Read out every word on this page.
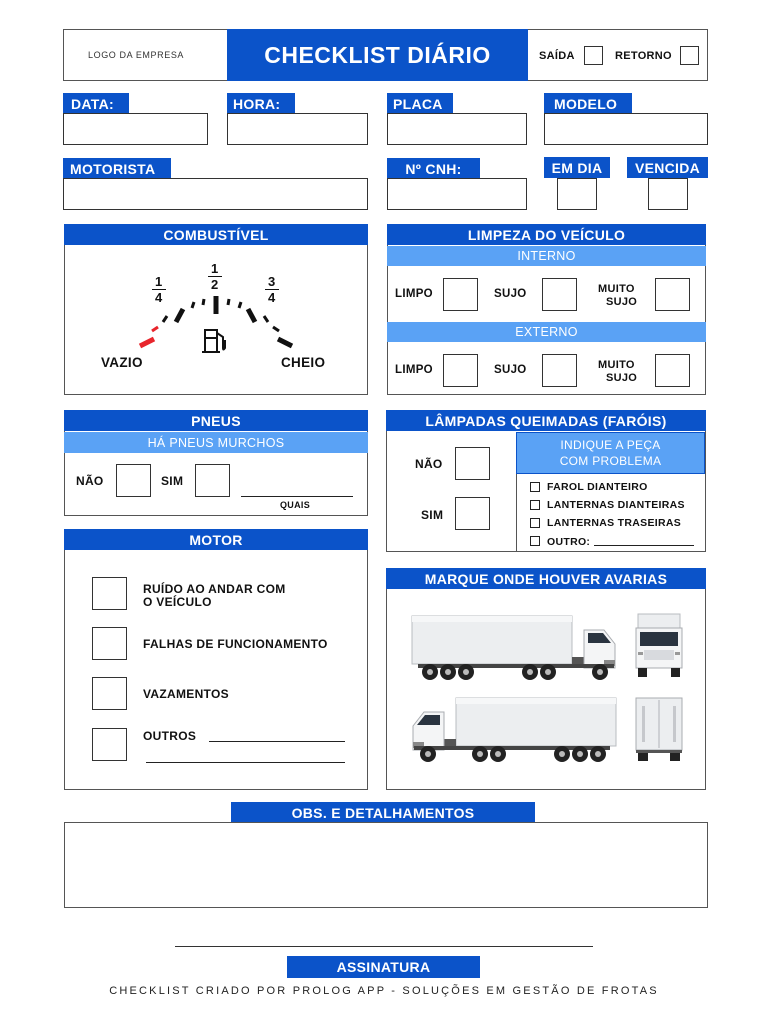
LOGO DA EMPRESA	CHECKLIST DIÁRIO	SAÍDA	RETORNO
DATA:	HORA:	PLACA	MODELO
MOTORISTA	Nº CNH:	EM DIA	VENCIDA
COMBUSTÍVEL
1
4
1
2	3
4
VAZIO	CHEIO
LIMPEZA DO VEÍCULO
INTERNO
LIMPO	SUJO	MUITO
SUJO
EXTERNO
LIMPO	SUJO	MUITO
SUJO
PNEUS
HÁ PNEUS MURCHOS
NÃO	SIM
QUAIS
LÂMPADAS QUEIMADAS (FARÓIS)
NÃO
SIM
INDIQUE A PEÇA
COM PROBLEMA
FAROL DIANTEIRO
LANTERNAS DIANTEIRAS
LANTERNAS TRASEIRAS
OUTRO:
MOTOR
RUÍDO AO ANDAR COM
O VEÍCULO
FALHAS DE FUNCIONAMENTO
VAZAMENTOS
OUTROS
MARQUE ONDE HOUVER AVARIAS
OBS. E DETALHAMENTOS
ASSINATURA
CHECKLIST CRIADO POR PROLOG APP - SOLUÇÕES EM GESTÃO DE FROTAS
